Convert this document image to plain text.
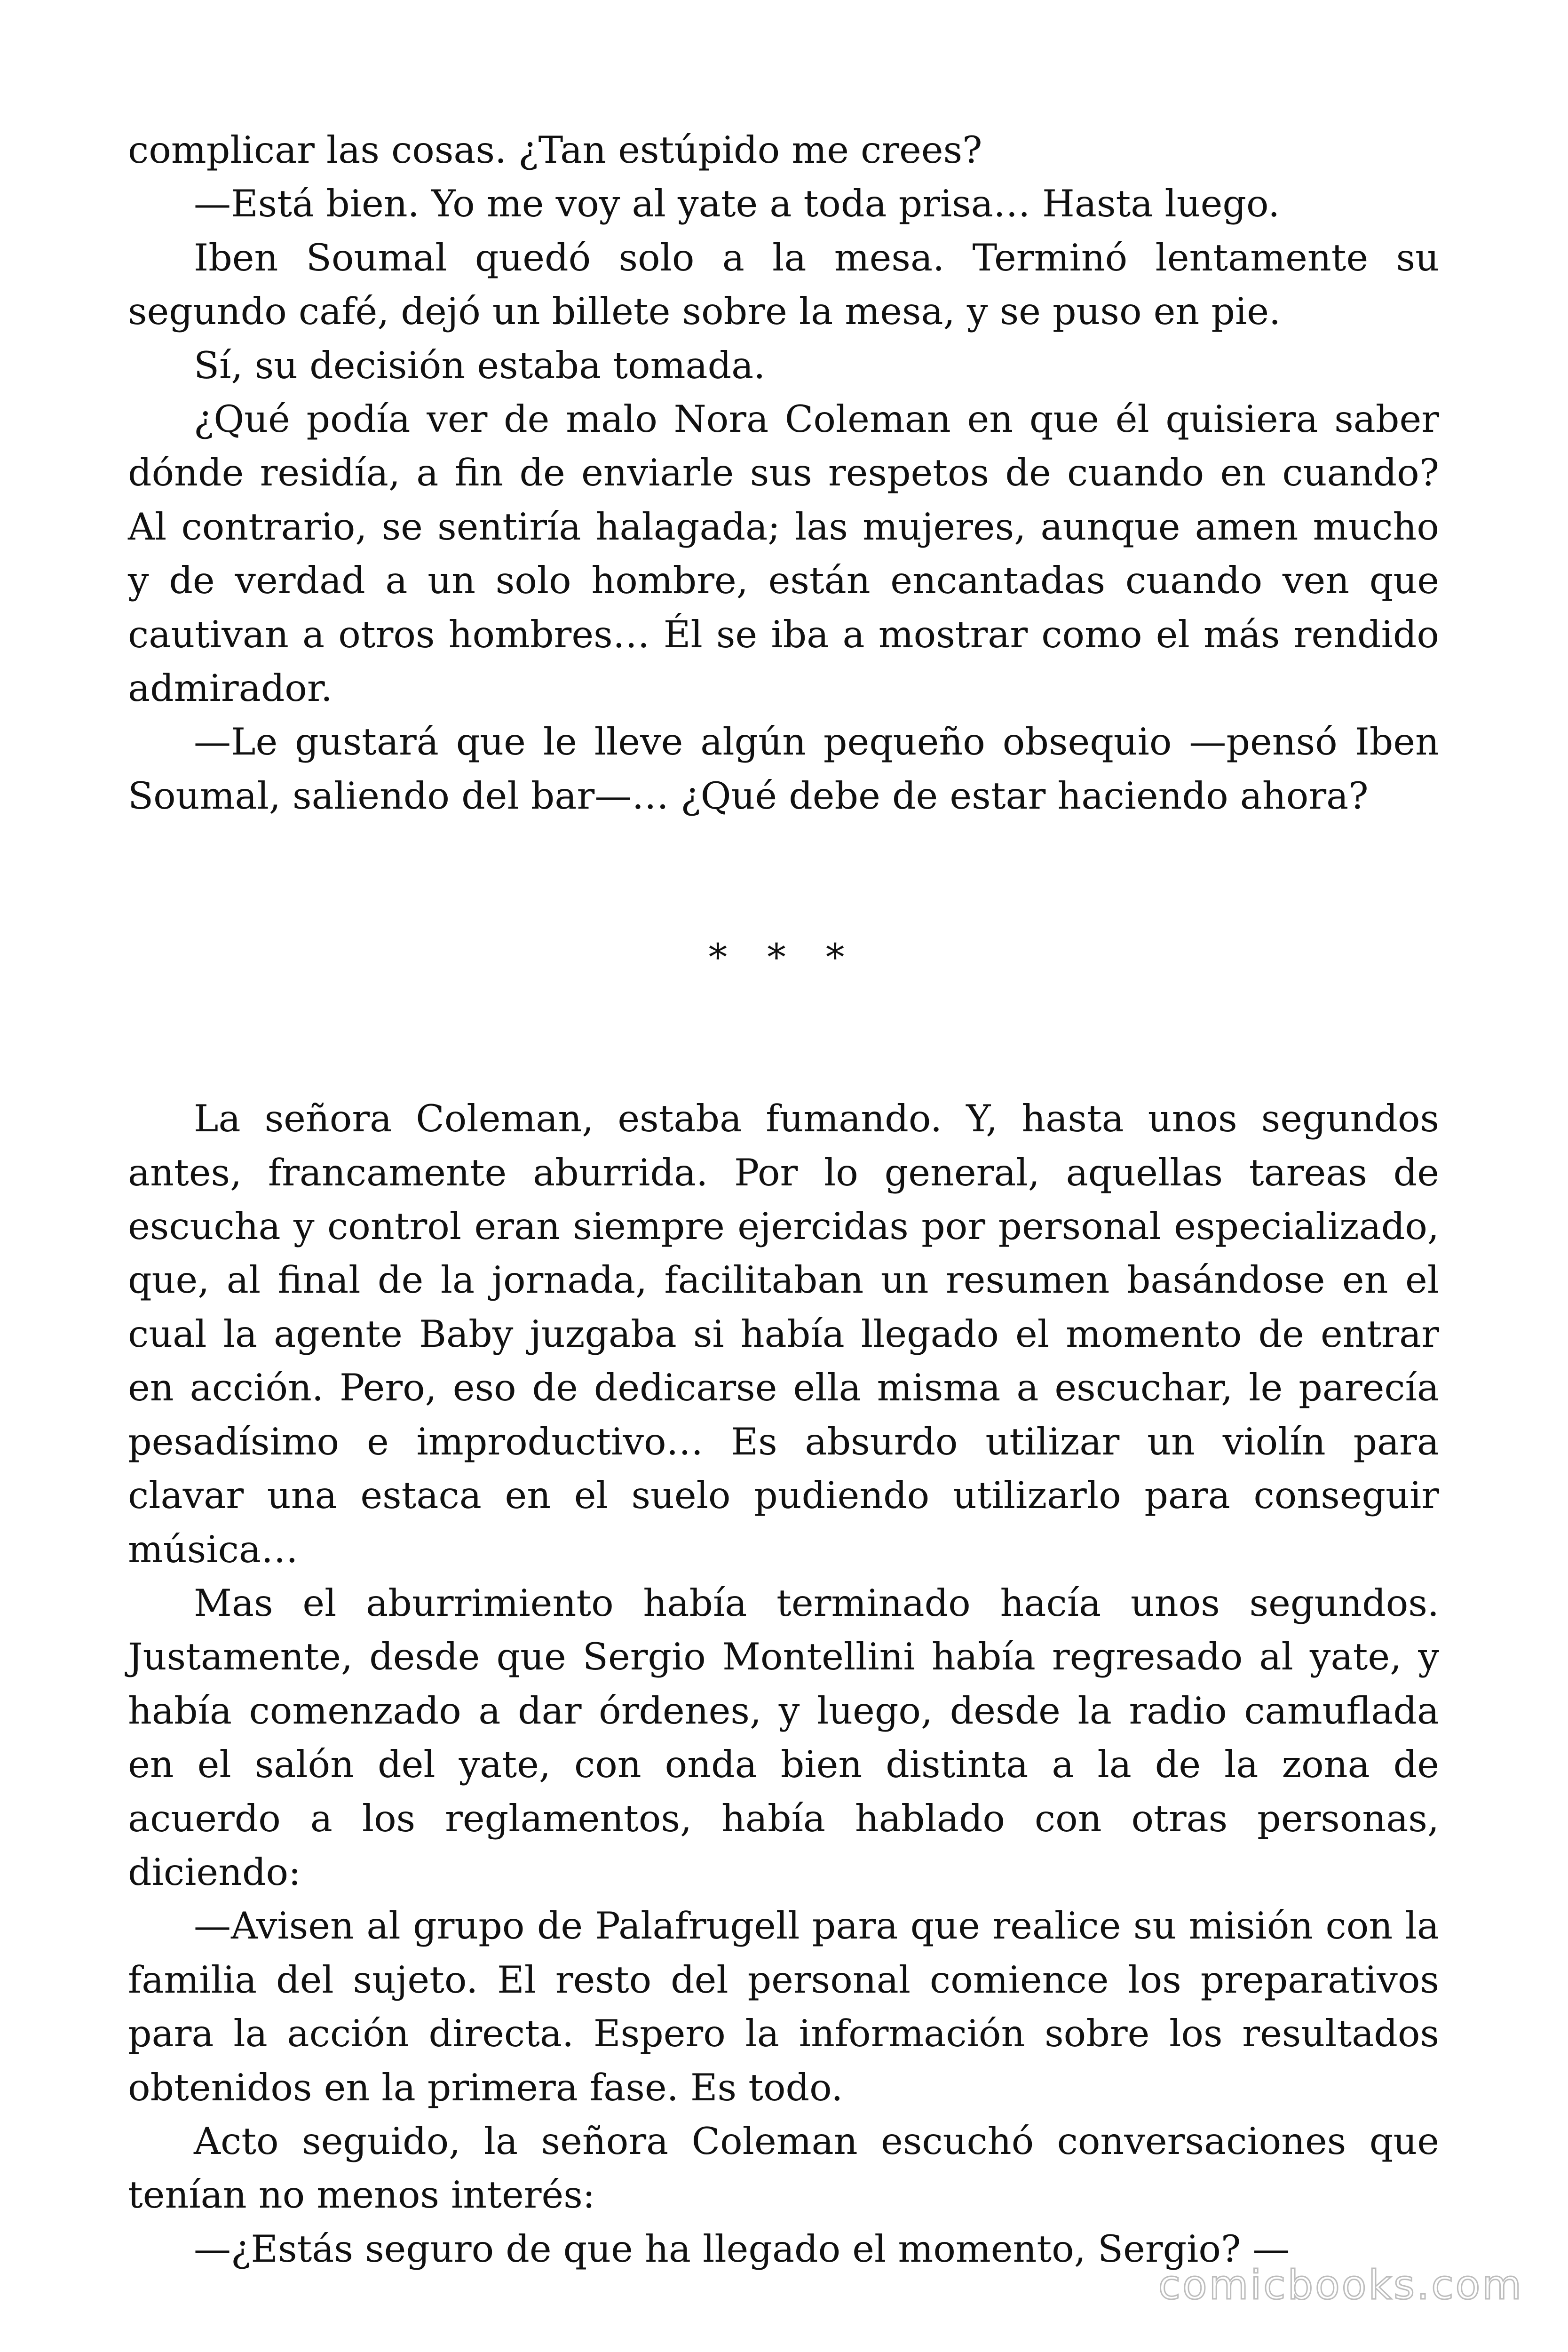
complicar las cosas. ¿Tan estúpido me crees?

—Está bien. Yo me voy al yate a toda prisa… Hasta luego.

Iben Soumal quedó solo a la mesa. Terminó lentamente su segundo café, dejó un billete sobre la mesa, y se puso en pie.

Sí, su decisión estaba tomada.

¿Qué podía ver de malo Nora Coleman en que él quisiera saber dónde residía, a fin de enviarle sus respetos de cuando en cuando? Al contrario, se sentiría halagada; las mujeres, aunque amen mucho y de verdad a un solo hombre, están encantadas cuando ven que cautivan a otros hombres… Él se iba a mostrar como el más rendido admirador.

—Le gustará que le lleve algún pequeño obsequio —pensó Iben Soumal, saliendo del bar—… ¿Qué debe de estar haciendo ahora?

* * *

La señora Coleman, estaba fumando. Y, hasta unos segundos antes, francamente aburrida. Por lo general, aquellas tareas de escucha y control eran siempre ejercidas por personal especializado, que, al final de la jornada, facilitaban un resumen basándose en el cual la agente Baby juzgaba si había llegado el momento de entrar en acción. Pero, eso de dedicarse ella misma a escuchar, le parecía pesadísimo e improductivo… Es absurdo utilizar un violín para clavar una estaca en el suelo pudiendo utilizarlo para conseguir música…

Mas el aburrimiento había terminado hacía unos segundos. Justamente, desde que Sergio Montellini había regresado al yate, y había comenzado a dar órdenes, y luego, desde la radio camuflada en el salón del yate, con onda bien distinta a la de la zona de acuerdo a los reglamentos, había hablado con otras personas, diciendo:

—Avisen al grupo de Palafrugell para que realice su misión con la familia del sujeto. El resto del personal comience los preparativos para la acción directa. Espero la información sobre los resultados obtenidos en la primera fase. Es todo.

Acto seguido, la señora Coleman escuchó conversaciones que tenían no menos interés:

—¿Estás seguro de que ha llegado el momento, Sergio? —

comicbooks.com
